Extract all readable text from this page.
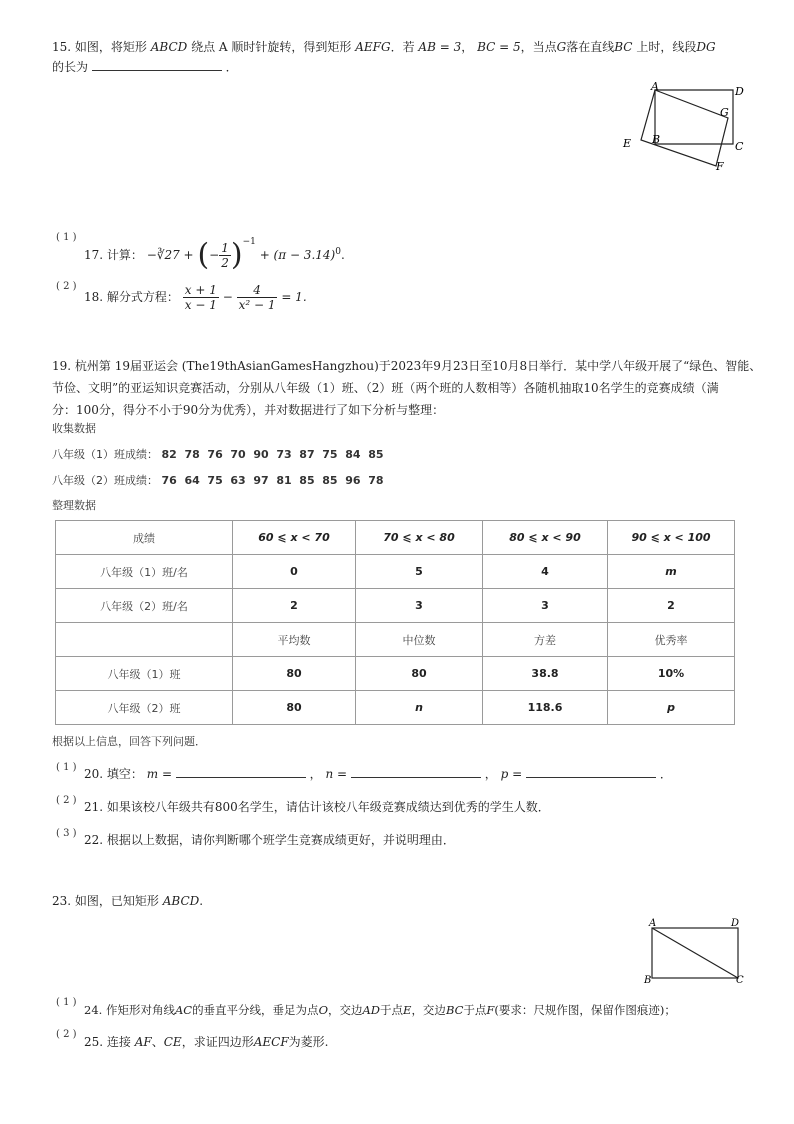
15. 如图，将矩形 ABCD 绕点 A 顺时针旋转，得到矩形 AEFG．若 AB = 3， BC = 5，当点G落在直线BC 上时，线段DG
的长为	．
A	D
G
E B
C
F
( 1 )
17. 计算： −∛27 + (− $\frac{1}{2} )^{-1} + (\pi - 3.14)^0$.
( 2 )
18. 解分式方程： $\frac{x + 1}{x - 1} - \frac{4}{\text{x² − 1}} = 1$.
19. 杭州第 19届亚运会 (The19thAsianGamesHangzhou)于2023年9月23日至10月8日举行．某中学八年级开展了“绿色、智能、
节俭、文明”的亚运知识竞赛活动，分别从八年级（1）班、（2）班（两个班的人数相等）各随机抽取10名学生的竞赛成绩（满
分：100分，得分不小于90分为优秀），并对数据进行了如下分析与整理：
收集数据
八年级（1）班成绩： 82  78  76  70  90  73  87  75  84  85
八年级（2）班成绩： 76  64  75  63  97  81  85  85  96  78
整理数据
成绩	60 ⩽ x < 70	70 ⩽ x < 80	80 ⩽ x < 90	90 ⩽ x < 100
八年级（1）班/名	0	5	4	m
八年级（2）班/名	2	3	3	2
	平均数	中位数	方差	优秀率
八年级（1）班	80	80	38.8	10%
八年级（2）班	80	n	118.6	p
根据以上信息，回答下列问题．
( 1 ) 20. 填空： m =	， n =	， p =	．
( 2 ) 21. 如果该校八年级共有800名学生，请估计该校八年级竞赛成绩达到优秀的学生人数．
( 3 ) 22. 根据以上数据，请你判断哪个班学生竞赛成绩更好，并说明理由．
23. 如图，已知矩形 ABCD.
A	D
B	C
( 1 )
24. 作矩形对角线AC的垂直平分线，垂足为点O，交边AD于点E，交边BC于点F(要求：尺规作图，保留作图痕迹)；
( 2 )
25. 连接 AF、CE，求证四边形AECF为菱形.
